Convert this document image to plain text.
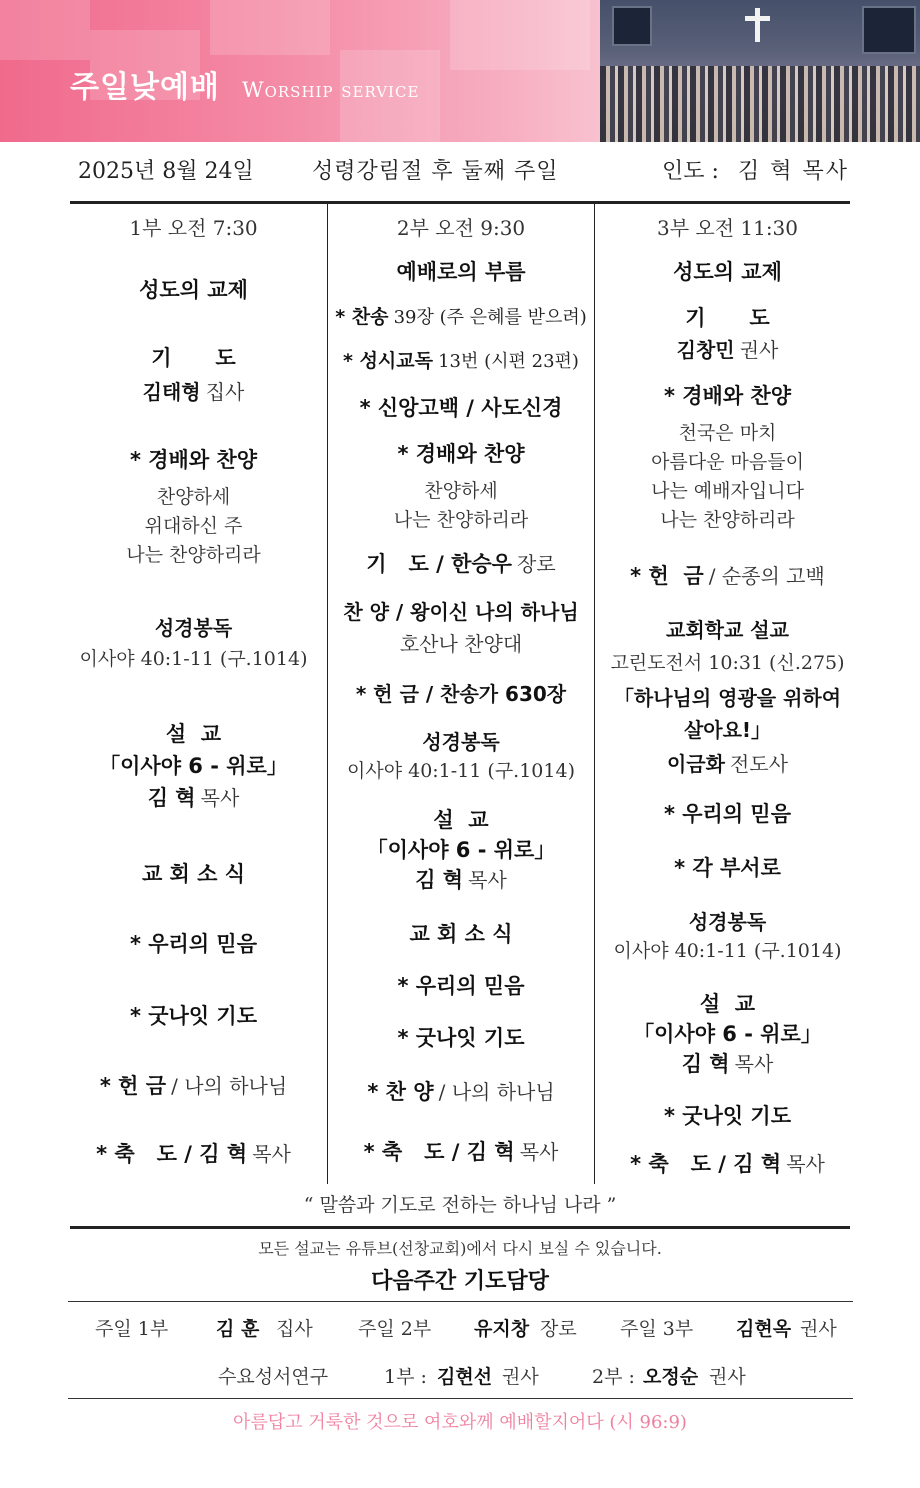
주일낮예배 Worship service
2025년 8월 24일	성령강림절 후 둘째 주일	인도 : 김 혁 목사
1부 오전 7:30
성도의 교제
기      도
김태형 집사
* 경배와 찬양
찬양하세
위대하신 주
나는 찬양하리라
성경봉독
이사야 40:1-11 (구.1014)
설  교
「이사야 6 - 위로」
김 혁 목사
교 회 소 식
* 우리의 믿음
* 굿나잇 기도
* 헌 금 / 나의 하나님
* 축   도 / 김 혁 목사
2부 오전 9:30
예배로의 부름
* 찬송 39장 (주 은혜를 받으려)
* 성시교독 13번 (시편 23편)
* 신앙고백 / 사도신경
* 경배와 찬양
찬양하세
나는 찬양하리라
기   도 / 한승우 장로
찬 양 / 왕이신 나의 하나님
호산나 찬양대
* 헌 금 / 찬송가 630장
성경봉독
이사야 40:1-11 (구.1014)
설  교
「이사야 6 - 위로」
김 혁 목사
교 회 소 식
* 우리의 믿음
* 굿나잇 기도
* 찬 양 / 나의 하나님
* 축   도 / 김 혁 목사
3부 오전 11:30
성도의 교제
기      도
김창민 권사
* 경배와 찬양
천국은 마치
아름다운 마음들이
나는 예배자입니다
나는 찬양하리라
* 헌  금 / 순종의 고백
교회학교 설교
고린도전서 10:31 (신.275)
「하나님의 영광을 위하여
살아요!」
이금화 전도사
* 우리의 믿음
* 각 부서로
성경봉독
이사야 40:1-11 (구.1014)
설  교
「이사야 6 - 위로」
김 혁 목사
* 굿나잇 기도
* 축   도 / 김 혁 목사
“ 말씀과 기도로 전하는 하나님 나라 ”
모든 설교는 유튜브(선창교회)에서 다시 보실 수 있습니다.
다음주간 기도담당
주일 1부	김 훈 집사 주일 2부 유지창 장로 주일 3부 김현옥 권사
수요성서연구	1부 : 김현선 권사	2부 : 오정순 권사
아름답고 거룩한 것으로 여호와께 예배할지어다 (시 96:9)
